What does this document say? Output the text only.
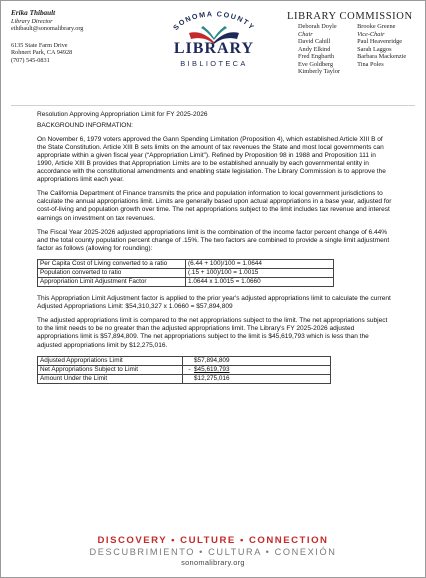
Erika Thibault
Library Director
ethibault@sonomalibrary.org
6135 State Farm Drive
Rohnert Park, CA 94928
(707) 545-0831
SONOMA COUNTY
LIBRARY
BIBLIOTECA
LIBRARY COMMISSION
Deborah Doyle
Chair
David Cahill
Andy Elkind
Fred Engbarth
Eve Goldberg
Kimberly Taylor
Brooke Greene
Vice-Chair
Paul Heavenridge
Sarah Laggos
Barbara Mackenzie
Tina Poles

Resolution Approving Appropriation Limit for FY 2025-2026

BACKGROUND INFORMATION:

On November 6, 1979 voters approved the Gann Spending Limitation (Proposition 4), which established Article XIII B of the State Constitution. Article XIII B sets limits on the amount of tax revenues the State and most local governments can appropriate within a given fiscal year (“Appropriation Limit”). Refined by Proposition 98 in 1988 and Proposition 111 in 1990, Article XIII B provides that Appropriation Limits are to be established annually by each governmental entity in accordance with the constitutional amendments and enabling state legislation. The Library Commission is to approve the appropriations limit each year.

The California Department of Finance transmits the price and population information to local government jurisdictions to calculate the annual appropriations limit. Limits are generally based upon actual appropriations in a base year, adjusted for cost-of-living and population growth over time. The net appropriations subject to the limit includes tax revenue and interest earnings on investment on tax revenues.

The Fiscal Year 2025-2026 adjusted appropriations limit is the combination of the income factor percent change of 6.44% and the total county population percent change of .15%. The two factors are combined to provide a single limit adjustment factor as follows (allowing for rounding):

Per Capita Cost of Living converted to a ratio	(6.44 + 100)/100 = 1.0644
Population converted to ratio	(.15 + 100)/100 = 1.0015
Appropriation Limit Adjustment Factor	1.0644 x 1.0015 = 1.0660

This Appropriation Limit Adjustment factor is applied to the prior year's adjusted appropriations limit to calculate the current Adjusted Appropriations Limit: $54,310,327 x 1.0660 = $57,894,809

The adjusted appropriations limit is compared to the net appropriations subject to the limit. The net appropriations subject to the limit needs to be no greater than the adjusted appropriations limit. The Library's FY 2025-2026 adjusted appropriations limit is $57,894,809. The net appropriations subject to the limit is $45,619,793 which is less than the adjusted appropriations limit by $12,275,016.

Adjusted Appropriations Limit	$57,894,809
Net Appropriations Subject to Limit	- $45,619,793
Amount Under the Limit	$12,275,016
DISCOVERY • CULTURE • CONNECTION
DESCUBRIMIENTO • CULTURA • CONEXIÓN
sonomalibrary.org
